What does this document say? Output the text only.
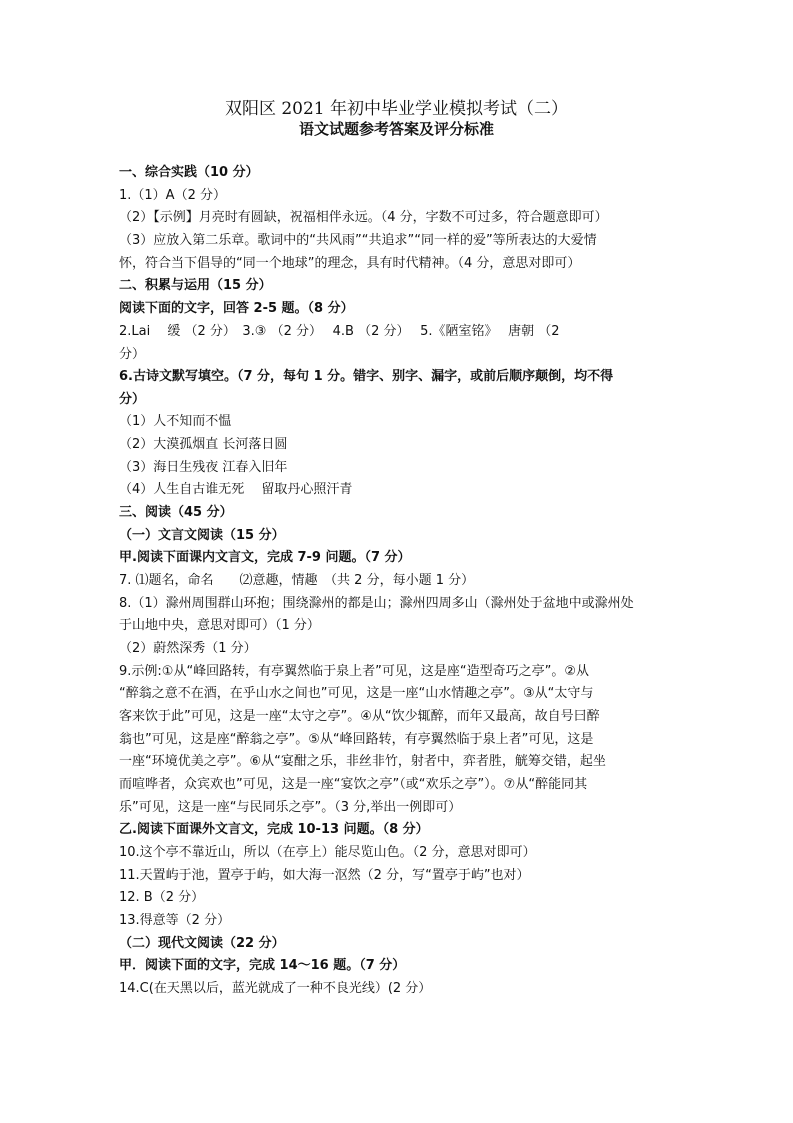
双阳区 2021 年初中毕业学业模拟考试（二）
语文试题参考答案及评分标准
一、综合实践（10 分）
1.（1）A（2 分）
（2）【示例】月亮时有圆缺，祝福相伴永远。（4 分，字数不可过多，符合题意即可）
（3）应放入第二乐章。歌词中的“共风雨”“共追求”“同一样的爱”等所表达的大爱情
怀，符合当下倡导的“同一个地球”的理念，具有时代精神。（4 分，意思对即可）
二、积累与运用（15 分）
阅读下面的文字，回答 2-5 题。（8 分）
2.Lai　 缓 （2 分）　3.③ （2 分）　 4.B （2 分）　 5.《陋室铭》　 唐朝 （2
分）
6.古诗文默写填空。（7 分，每句 1 分。错字、别字、漏字，或前后顺序颠倒，均不得
分）
（1）人不知而不愠
（2）大漠孤烟直 长河落日圆
（3）海日生残夜 江春入旧年
（4）人生自古谁无死　 留取丹心照汗青
三、阅读（45 分）
（一）文言文阅读（15 分）
甲.阅读下面课内文言文，完成 7-9 问题。（7 分）
7. ⑴题名，命名　　⑵意趣，情趣　（共 2 分，每小题 1 分）
8.（1）滁州周围群山环抱；围绕滁州的都是山；滁州四周多山（滁州处于盆地中或滁州处
于山地中央，意思对即可）（1 分）
（2）蔚然深秀（1 分）
9.示例:①从“峰回路转，有亭翼然临于泉上者”可见，这是座“造型奇巧之亭”。②从
“醉翁之意不在酒，在乎山水之间也”可见，这是一座“山水情趣之亭”。③从“太守与
客来饮于此”可见，这是一座“太守之亭”。④从“饮少辄醉，而年又最高，故自号曰醉
翁也”可见，这是座“醉翁之亭”。⑤从“峰回路转，有亭翼然临于泉上者”可见，这是
一座“环境优美之亭”。⑥从“宴酣之乐，非丝非竹，射者中，弈者胜，觥筹交错，起坐
而喧哗者，众宾欢也”可见，这是一座“宴饮之亭”（或“欢乐之亭”）。⑦从“醉能同其
乐”可见，这是一座“与民同乐之亭”。（3 分,举出一例即可）
乙.阅读下面课外文言文，完成 10-13 问题。（8 分）
10.这个亭不靠近山，所以（在亭上）能尽览山色。（2 分，意思对即可）
11.天置屿于池，置亭于屿，如大海一沤然（2 分，写“置亭于屿”也对）
12. B（2 分）
13.得意等（2 分）
（二）现代文阅读（22 分）
甲．阅读下面的文字，完成 14～16 题。（7 分）
14.C(在天黑以后，蓝光就成了一种不良光线）(2 分）
